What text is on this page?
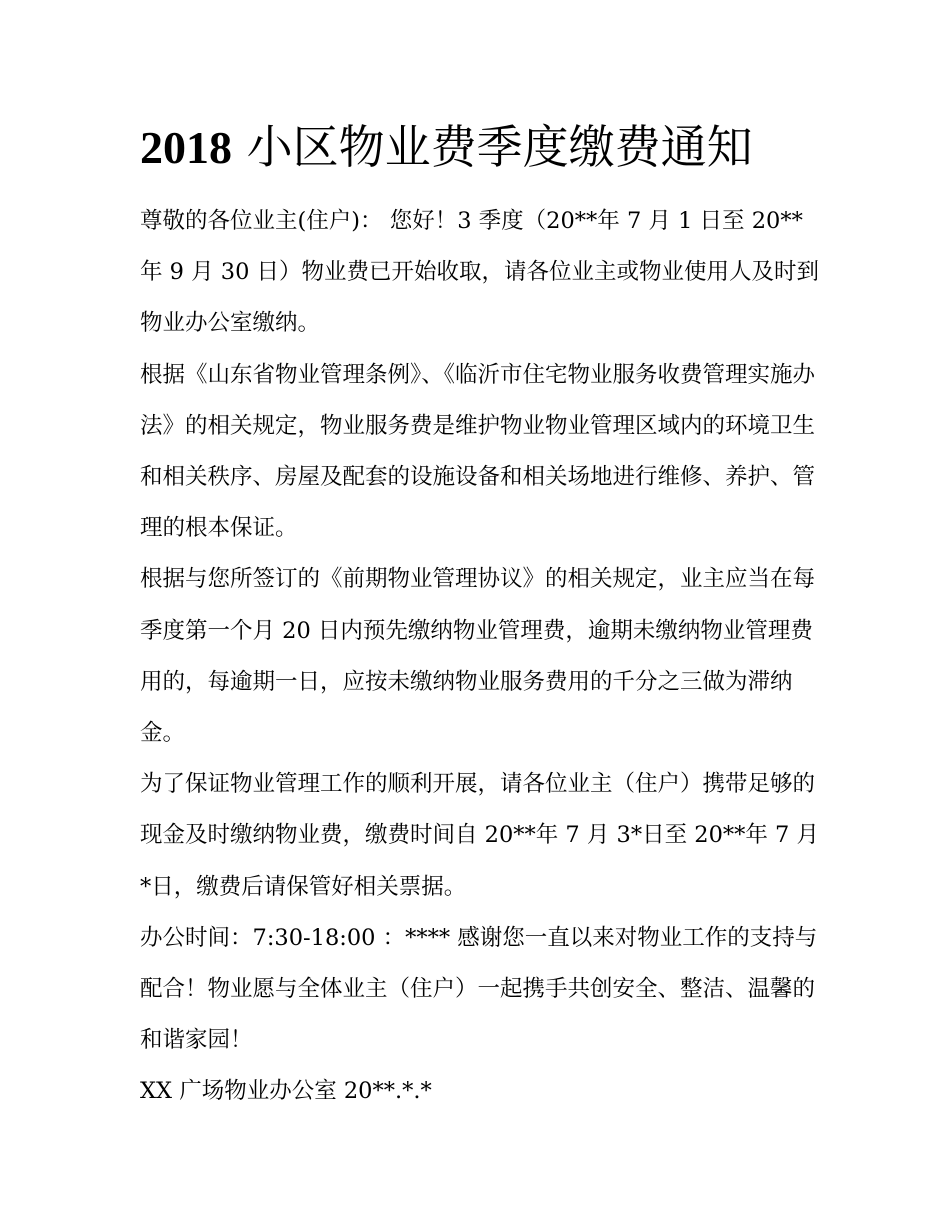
2018 小区物业费季度缴费通知

尊敬的各位业主(住户)： 您好！3 季度（20**年 7 月 1 日至 20**年 9 月 30 日）物业费已开始收取，请各位业主或物业使用人及时到物业办公室缴纳。

根据《山东省物业管理条例》、《临沂市住宅物业服务收费管理实施办法》的相关规定，物业服务费是维护物业物业管理区域内的环境卫生和相关秩序、房屋及配套的设施设备和相关场地进行维修、养护、管理的根本保证。

根据与您所签订的《前期物业管理协议》的相关规定，业主应当在每季度第一个月 20 日内预先缴纳物业管理费，逾期未缴纳物业管理费用的，每逾期一日，应按未缴纳物业服务费用的千分之三做为滞纳金。

为了保证物业管理工作的顺利开展，请各位业主（住户）携带足够的现金及时缴纳物业费，缴费时间自 20**年 7 月 3*日至 20**年 7 月*日，缴费后请保管好相关票据。

办公时间：7:30-18:00 ：**** 感谢您一直以来对物业工作的支持与配合！物业愿与全体业主（住户）一起携手共创安全、整洁、温馨的和谐家园！

XX 广场物业办公室 20**.*.*
